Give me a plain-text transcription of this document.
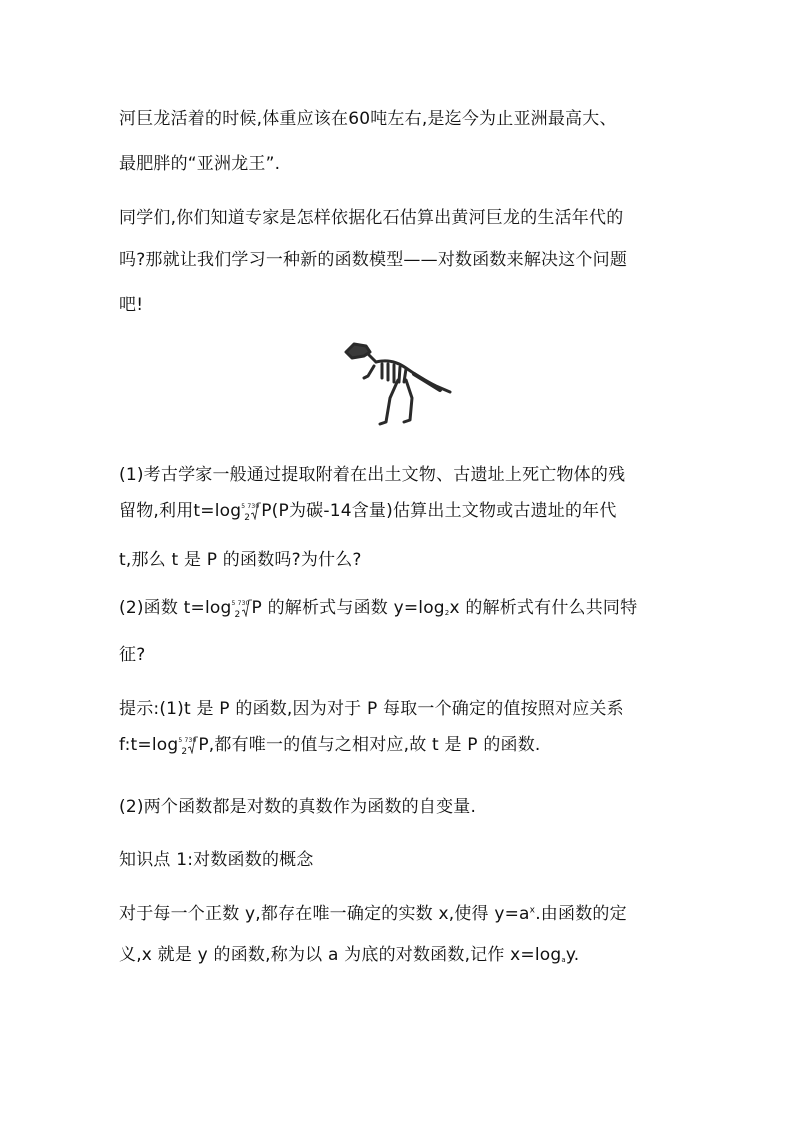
河巨龙活着的时候,体重应该在60吨左右,是迄今为止亚洲最高大、
最肥胖的“亚洲龙王”.
同学们,你们知道专家是怎样依据化石估算出黄河巨龙的生活年代的
吗?那就让我们学习一种新的函数模型——对数函数来解决这个问题
吧!
(1)考古学家一般通过提取附着在出土文物、古遗址上死亡物体的残
留物,利用t=log 5 730
2 P(P为碳-14含量)估算出土文物或古遗址的年代
t,那么 t 是 P 的函数吗?为什么?
(2)函数 t=log 5 730
2 P 的解析式与函数 $y=\log_2x$ 的解析式有什么共同特
征?
提示:(1)t 是 P 的函数,因为对于 P 每取一个确定的值按照对应关系
f:t=log 5 730
2 P,都有唯一的值与之相对应,故 t 是 P 的函数.
(2)两个函数都是对数的真数作为函数的自变量.
知识点 1:对数函数的概念
对于每一个正数 y,都存在唯一确定的实数 x,使得 $y=a^x$.由函数的定
义,x 就是 y 的函数,称为以 a 为底的对数函数,记作 $x=\log_ay$.
